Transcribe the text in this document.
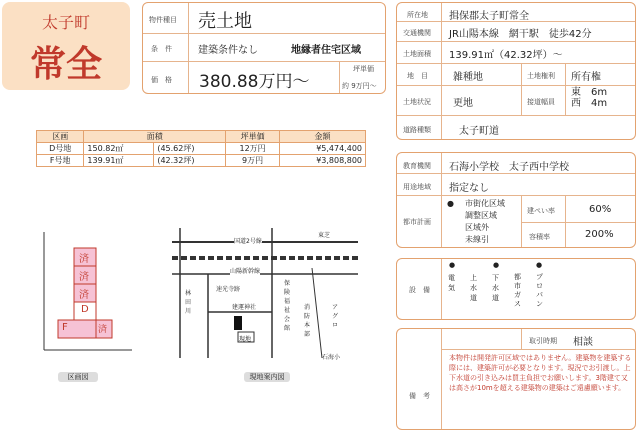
太子町
常全
物件種目 売土地
条　件	建築条件なし	地縁者住宅区域
価　格 380.88万円〜
坪単価
約 9万円〜
区画	面積		坪単価	金額
D号地	150.82㎡	(45.62坪)	12万円	¥5,474,400
F号地	139.91㎡	(42.32坪)	9万円	¥3,808,800
済
済
済
D
F	済
区画図
国道2号線
山陽新幹線
東芝
速光寺跡
林田川
保険福祉会館
消防本部
建運神社
現地
石海小
アグロ
現地案内図
所在地 揖保郡太子町常全
交通機関 JR山陽本線　網干駅　徒歩42分
土地面積 139.91㎡（42.32坪）〜
地　目	雑種地	土地権利 所有権
土地状況 更地	接道幅員
東　6m
西　4m
道路種類	太子町道
教育機関 石海小学校　太子西中学校
用途地域 指定なし
都市計画
● 市街化区域
調整区域
区域外
未線引
建ぺい率	60%
容積率	200%
設　備
●	●	●
電気
上水道
下水道
都市ガス
プロパン
取引時期 相談
備　考
本物件は開発許可区域ではありません。建築物を建築する際には、建築許可が必要となります。現況でお引渡し。上下水道の引き込みは買主負担でお願いします。3階建て又は高さが10mを超える建築物の建築はご遠慮願います。
